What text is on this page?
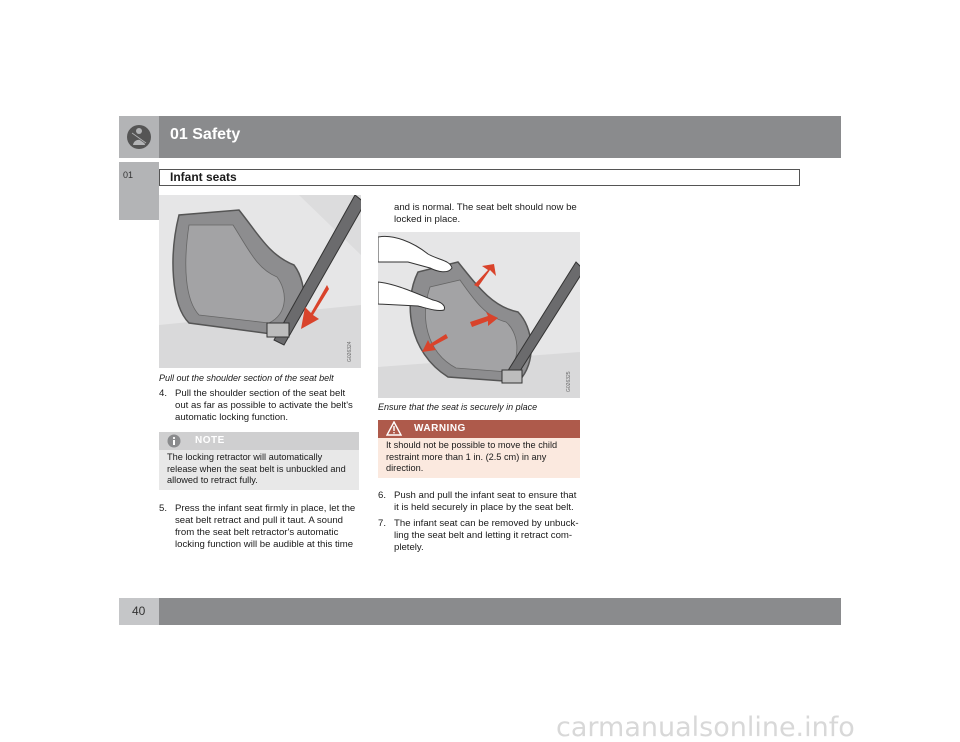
01 Safety
01	Infant seats
G026324
Pull out the shoulder section of the seat belt
4. Pull the shoulder section of the seat belt
out as far as possible to activate the belt's
automatic locking function.
NOTE
The locking retractor will automatically
release when the seat belt is unbuckled and
allowed to retract fully.
5. Press the infant seat firmly in place, let the
seat belt retract and pull it taut. A sound
from the seat belt retractor's automatic
locking function will be audible at this time
and is normal. The seat belt should now be
locked in place.
G026325
Ensure that the seat is securely in place
WARNING
It should not be possible to move the child
restraint more than 1 in. (2.5 cm) in any
direction.
6. Push and pull the infant seat to ensure that
it is held securely in place by the seat belt.
7. The infant seat can be removed by unbuck-
ling the seat belt and letting it retract com-
pletely.
40
carmanualsonline.info
